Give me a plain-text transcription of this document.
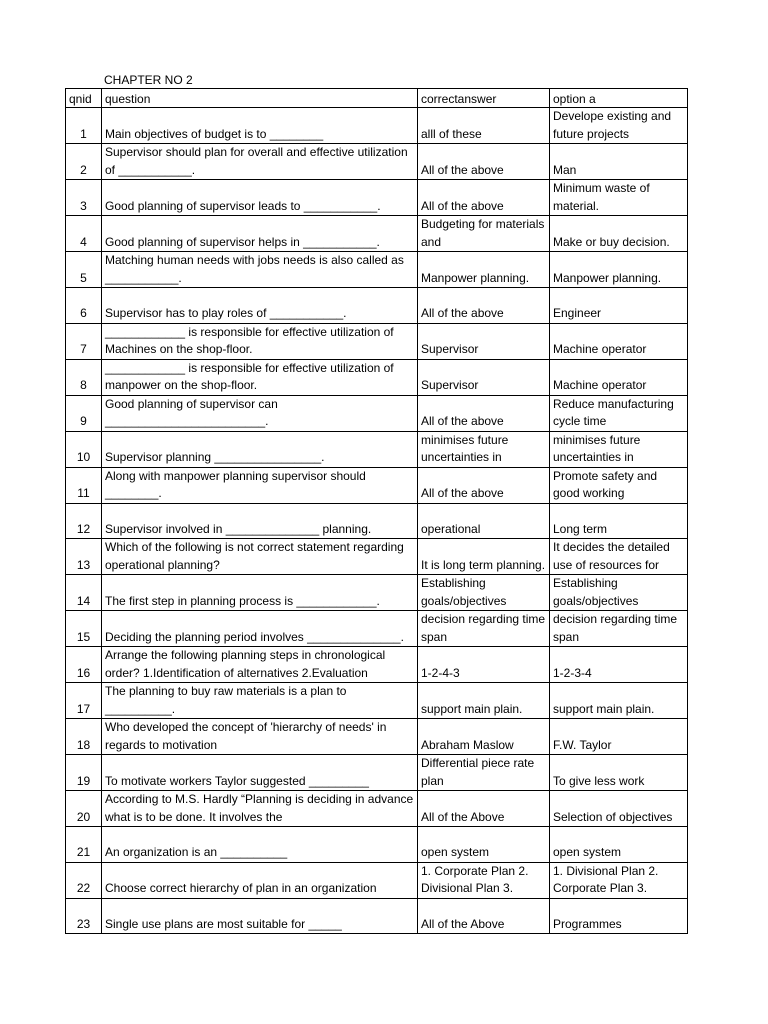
CHAPTER NO 2
qnid	question	correctanswer	option a
1	Main objectives of budget is to ________	alll of these	Develope existing and future projects
2	Supervisor should plan for overall and effective utilization of ___________.	All of the above	Man
3	Good planning of supervisor leads to ___________.	All of the above	Minimum waste of material.
4	Good planning of supervisor helps in ___________.	Budgeting for materials and	Make or buy decision.
5	Matching human needs with jobs needs is also called as ___________.	Manpower planning.	Manpower planning.
6	Supervisor has to play roles of ___________.	All of the above	Engineer
7	____________ is responsible for effective utilization of Machines on the shop-floor.	Supervisor	Machine operator
8	____________ is responsible for effective utilization of manpower on the shop-floor.	Supervisor	Machine operator
9	Good planning of supervisor can ________________________.	All of the above	Reduce manufacturing cycle time
10	Supervisor planning ________________.	minimises future uncertainties in	minimises future uncertainties in
11	Along with manpower planning supervisor should ________.	All of the above	Promote safety and good working
12	Supervisor involved in ______________ planning.	operational	Long term
13	Which of the following is not correct statement regarding operational planning?	It is long term planning.	It decides the detailed use of resources for
14	The first step in planning process is ____________.	Establishing goals/objectives	Establishing goals/objectives
15	Deciding the planning period involves ______________.	decision regarding time span	decision regarding time span
16	Arrange the following planning steps in chronological order? 1.Identification of alternatives 2.Evaluation	1-2-4-3	1-2-3-4
17	The planning to buy raw materials is a plan to __________.	support main plain.	support main plain.
18	Who developed the concept of 'hierarchy of needs' in regards to motivation	Abraham Maslow	F.W. Taylor
19	To motivate workers Taylor suggested _________	Differential piece rate plan	To give less work
20	According to M.S. Hardly “Planning is deciding in advance what is to be done. It involves the	All of the Above	Selection of objectives
21	An organization is an __________	open system	open system
22	Choose correct hierarchy of plan in an organization	1. Corporate Plan 2. Divisional Plan 3.	1. Divisional Plan 2. Corporate Plan 3.
23	Single use plans are most suitable for _____	All of the Above	Programmes
